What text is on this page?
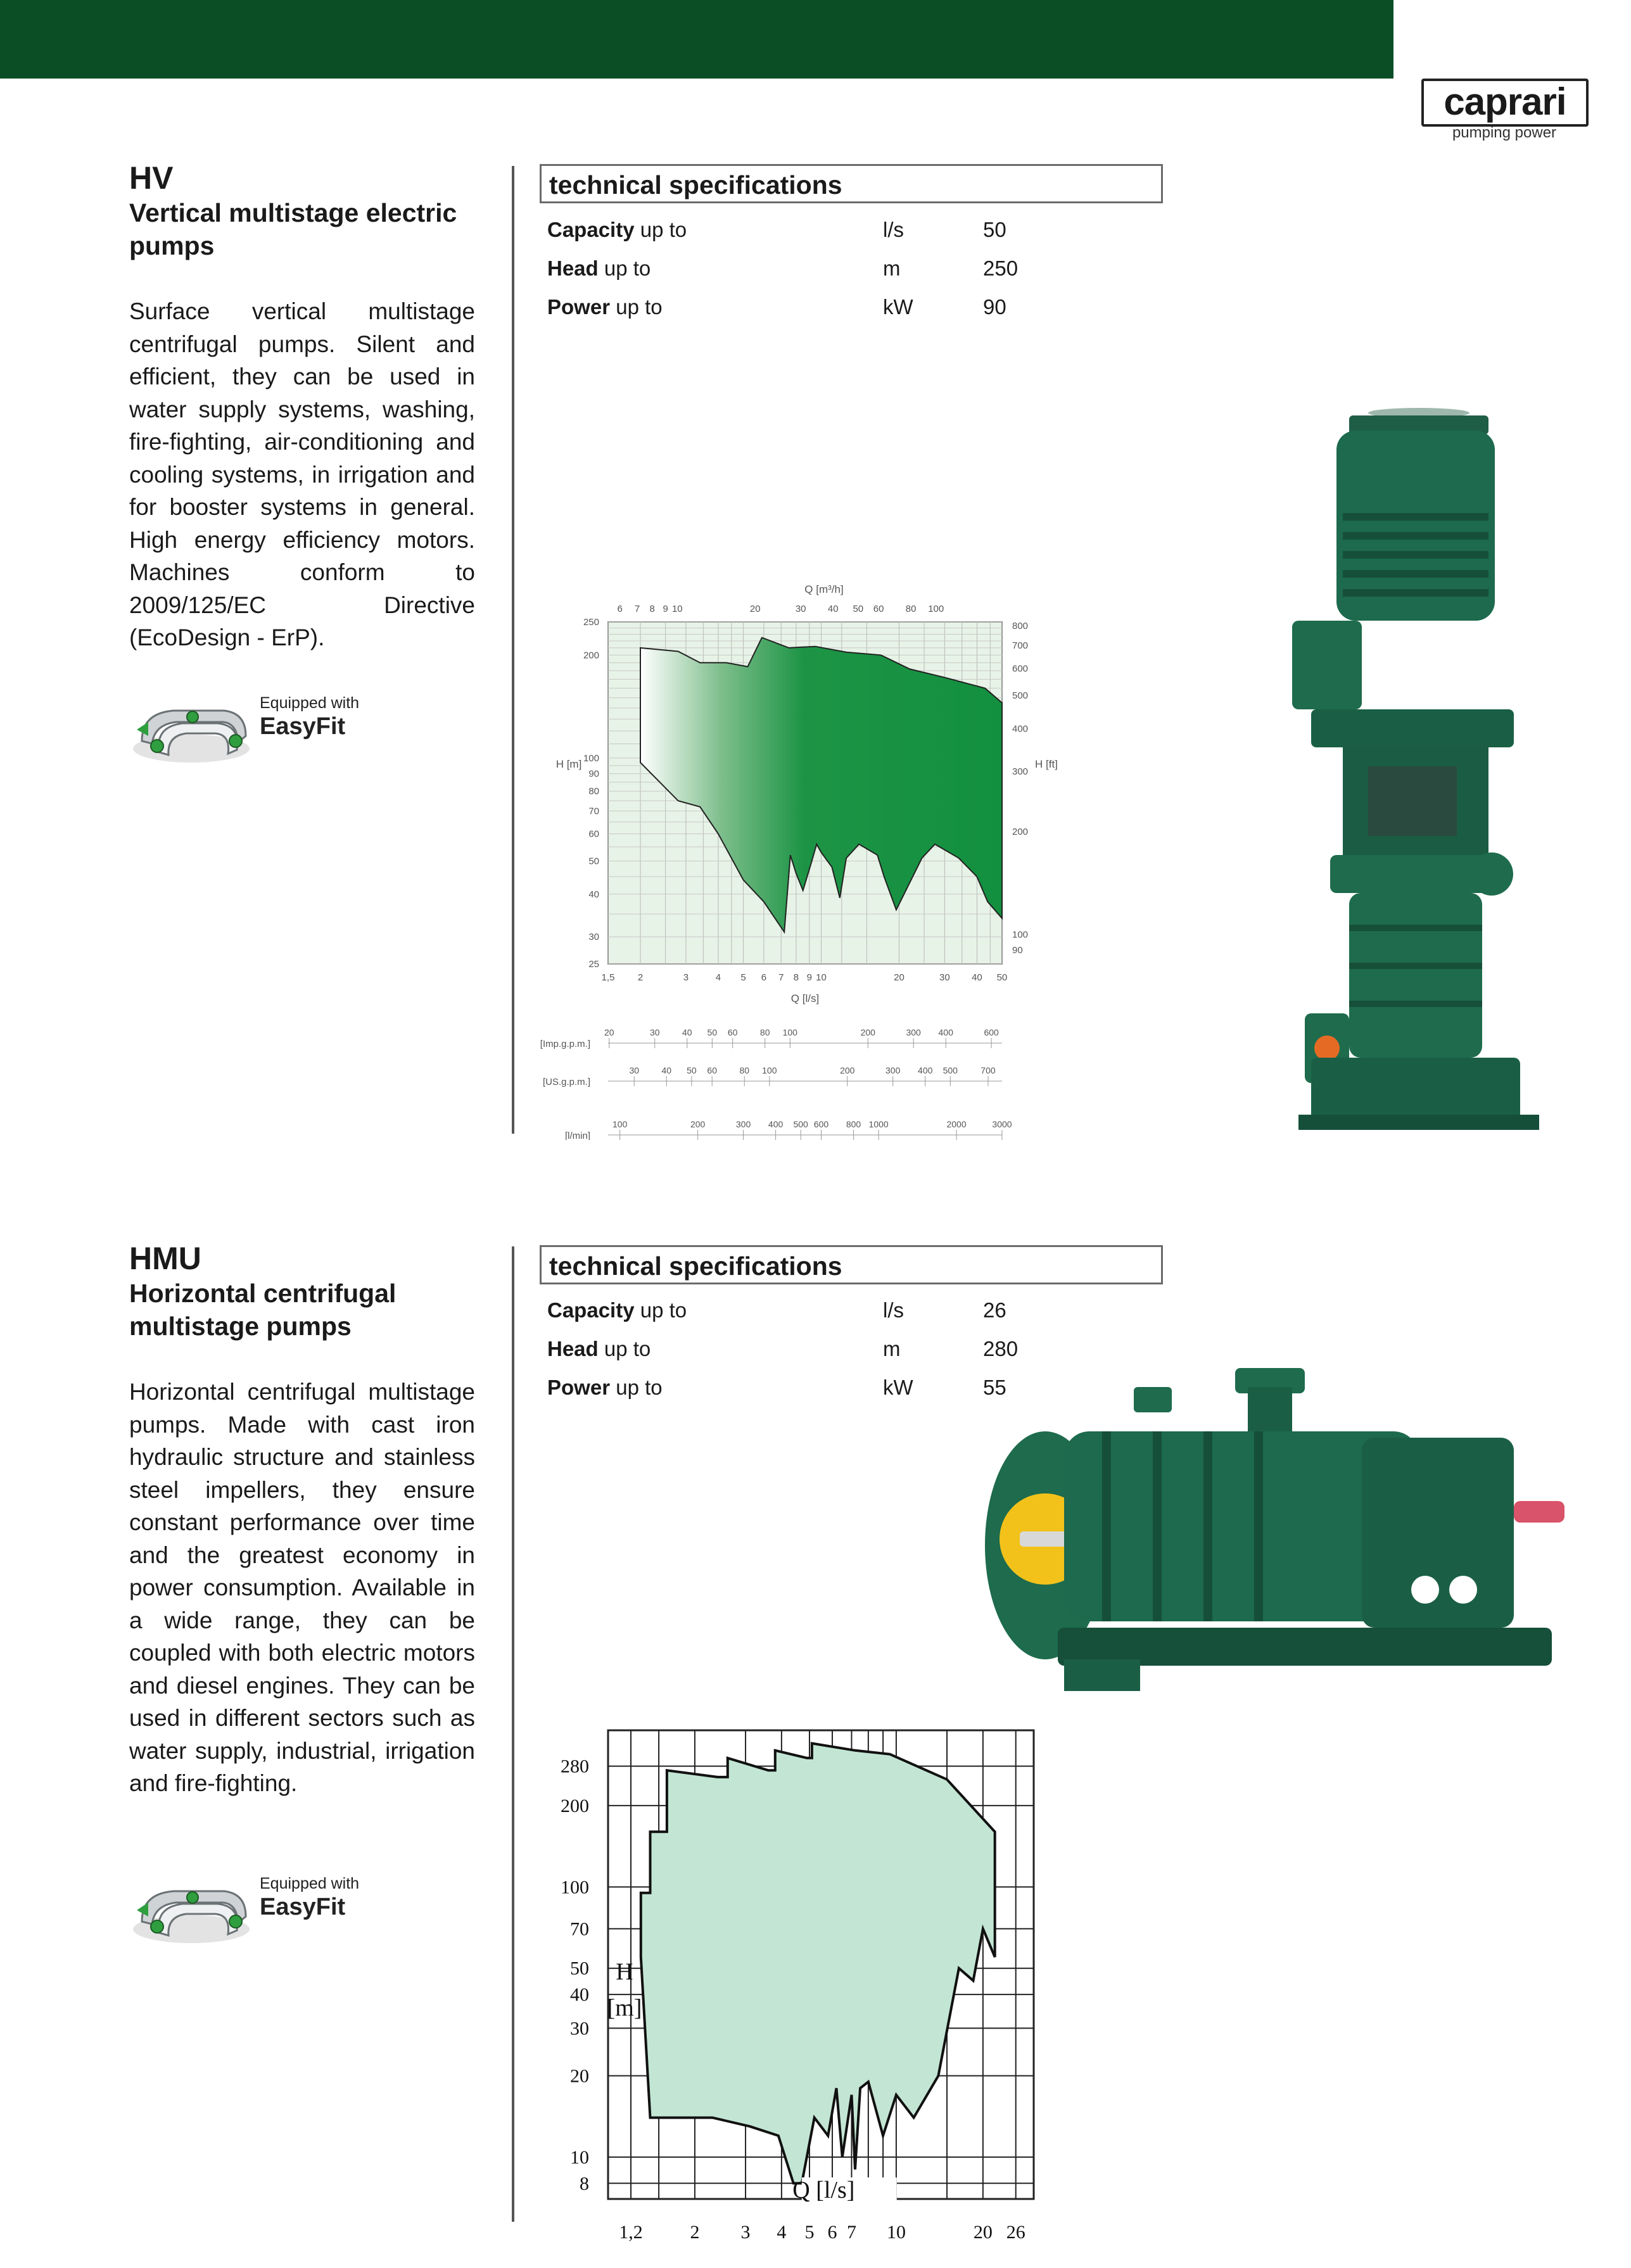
caprari
pumping power
HV
Vertical multistage electric pumps
Surface vertical multistage centrifugal pumps. Silent and efficient, they can be used in water supply systems, washing, fire-fighting, air-conditioning and cooling systems, in irrigation and for booster systems in general. High energy efficiency motors. Machines conform to 2009/125/EC Directive (EcoDesign - ErP).
Equipped with
EasyFit
technical specifications
Capacity up to	l/s	50
Head up to	m	250
Power up to	kW	90
1,5 2	3	4 5 6 7 8 9 10	20	30 40 50
25
30
40
50
60
70
80
90
100
200
250
90
100
200
300
400
500
600
700
800
6 7 8 9 10	20	30 40 50 60 80 100
Q [l/s]
Q [m³/h]
H [m]	H [ft]
[Imp.g.p.m.]
20	30	40 50 60	80 100	200	300 400	600
[US.g.p.m.]
30	40 50 60	80 100	200	300 400 500	700
[l/min]
100	200	300 400 500 600 800 1000	2000	3000
HMU
Horizontal centrifugal multistage pumps
Horizontal centrifugal multistage pumps. Made with cast iron hydraulic structure and stainless steel impellers, they ensure constant performance over time and the greatest economy in power consumption. Available in a wide range, they can be coupled with both electric motors and diesel engines. They can be used in different sectors such as water supply, industrial, irrigation and fire-fighting.
Equipped with
EasyFit
technical specifications
Capacity up to	l/s	26
Head up to	m	280
Power up to	kW	55
1,2 2 3 4 5 6 7 10	20 26
8
10
20
30
40
50
70
100
200
280
H
[m]
Q [l/s]
